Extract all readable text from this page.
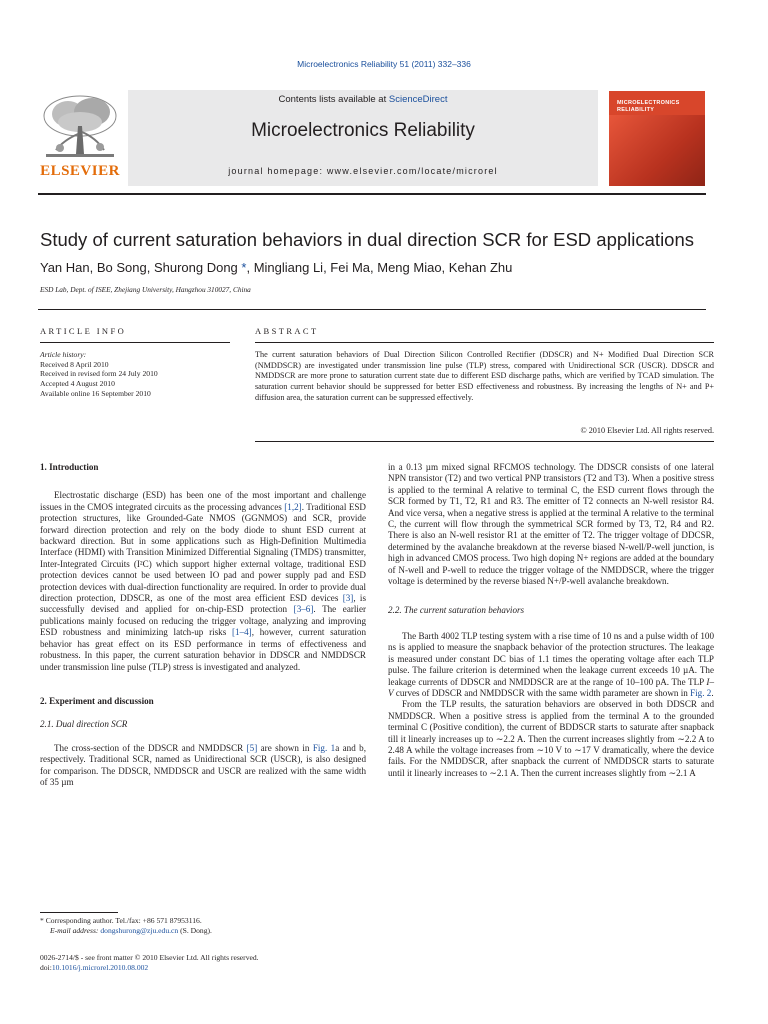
Microelectronics Reliability 51 (2011) 332–336
ELSEVIER
Contents lists available at ScienceDirect
Microelectronics Reliability
journal homepage: www.elsevier.com/locate/microrel
MICROELECTRONICS
RELIABILITY
Study of current saturation behaviors in dual direction SCR for ESD applications
Yan Han, Bo Song, Shurong Dong *, Mingliang Li, Fei Ma, Meng Miao, Kehan Zhu
ESD Lab, Dept. of ISEE, Zhejiang University, Hangzhou 310027, China
ARTICLE INFO
Article history:
Received 8 April 2010
Received in revised form 24 July 2010
Accepted 4 August 2010
Available online 16 September 2010
ABSTRACT
The current saturation behaviors of Dual Direction Silicon Controlled Rectifier (DDSCR) and N+ Modified Dual Direction SCR (NMDDSCR) are investigated under transmission line pulse (TLP) stress, compared with Unidirectional SCR (USCR). DDSCR and NMDDSCR are more prone to saturation current state due to different ESD discharge paths, which are verified by TCAD simulation. The saturation current behavior should be suppressed for better ESD effectiveness and robustness. By increasing the lengths of N+ and P+ diffusion area, the saturation current can be suppressed effectively.
© 2010 Elsevier Ltd. All rights reserved.
1. Introduction

Electrostatic discharge (ESD) has been one of the most important and challenge issues in the CMOS integrated circuits as the processing advances [1,2]. Traditional ESD protection structures, like Grounded-Gate NMOS (GGNMOS) and SCR, provide forward direction protection and rely on the body diode to shunt ESD current at backward direction. But in some applications such as High-Definition Multimedia Interface (HDMI) with Transition Minimized Differential Signaling (TMDS) transmitter, Inter-Integrated Circuits (I²C) which support higher external voltage, traditional ESD protection devices cannot be used between IO pad and power supply pad and ESD protection devices with dual-direction functionality are required. In order to provide dual direction protection, DDSCR, as one of the most area efficient ESD devices [3], is successfully devised and applied for on-chip-ESD protection [3–6]. The earlier publications mainly focused on reducing the trigger voltage, analyzing and improving ESD robustness and minimizing latch-up risks [1–4], however, current saturation behavior has great effect on its ESD performance in terms of effectiveness and robustness. In this paper, the current saturation behavior in DDSCR and NMDDSCR under transmission line pulse (TLP) stress is investigated and analyzed.

2. Experiment and discussion
2.1. Dual direction SCR

The cross-section of the DDSCR and NMDDSCR [5] are shown in Fig. 1a and b, respectively. Traditional SCR, named as Unidirectional SCR (USCR), is also designed for comparison. The DDSCR, NMDDSCR and USCR are realized with the same width of 35 µm

* Corresponding author. Tel./fax: +86 571 87953116.
E-mail address: dongshurong@zju.edu.cn (S. Dong).
0026-2714/$ - see front matter © 2010 Elsevier Ltd. All rights reserved.
doi:10.1016/j.microrel.2010.08.002

in a 0.13 µm mixed signal RFCMOS technology. The DDSCR consists of one lateral NPN transistor (T2) and two vertical PNP transistors (T2 and T3). When a positive stress is applied to the terminal A relative to terminal C, the ESD current flows through the SCR formed by T1, T2, R1 and R3. The emitter of T2 connects an N-well resistor R4. And vice versa, when a negative stress is applied at the terminal A relative to the terminal C, the current will flow through the symmetrical SCR formed by T3, T2, R4 and R2. There is also an N-well resistor R1 at the emitter of T2. The trigger voltage of DDCSR, determined by the avalanche breakdown at the reverse biased N-well/P-well junction, is high in advanced CMOS process. Two high doping N+ regions are added at the boundary of N-well and P-well to reduce the trigger voltage of the NMDDSCR, where the trigger voltage is determined by the reverse biased N+/P-well avalanche breakdown.

2.2. The current saturation behaviors

The Barth 4002 TLP testing system with a rise time of 10 ns and a pulse width of 100 ns is applied to measure the snapback behavior of the protection structures. The leakage is measured under constant DC bias of 1.1 times the operating voltage after each TLP pulse. The failure criterion is determined when the leakage current exceeds 10 µA. The leakage currents of DDSCR and NMDDSCR are at the range of 10–100 pA. The TLP I–V curves of DDSCR and NMDDSCR with the same width parameter are shown in Fig. 2.

From the TLP results, the saturation behaviors are observed in both DDSCR and NMDDSCR. When a positive stress is applied from the terminal A to the grounded terminal C (Positive condition), the current of BDDSCR starts to saturate after snapback till it linearly increases up to ∼2.2 A. Then the current increases slightly from ∼2.2 A to 2.48 A while the voltage increases from ∼10 V to ∼17 V dramatically, where the device fails. For the NMDDSCR, after snapback the current of NMDDSCR starts to saturate until it linearly increases to ∼2.1 A. Then the current increases slightly from ∼2.1 A
